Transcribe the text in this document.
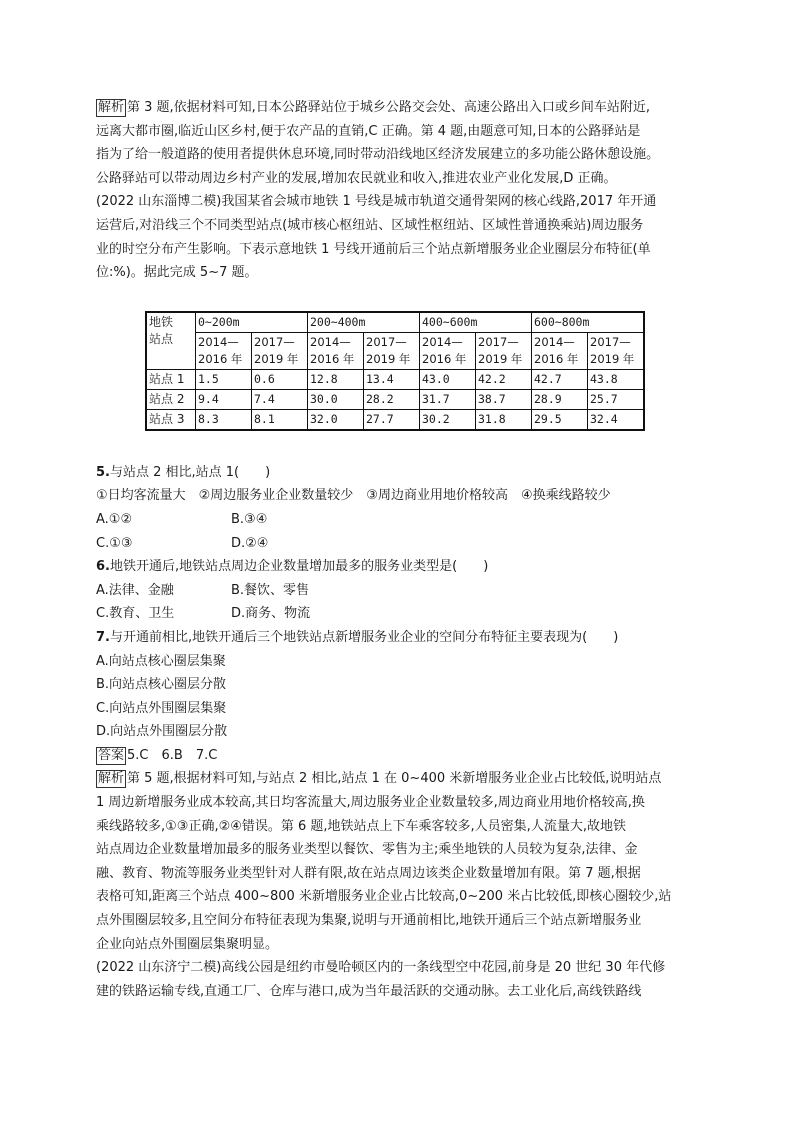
解析 第 3 题,依据材料可知,日本公路驿站位于城乡公路交会处、高速公路出入口或乡间车站附近,

远离大都市圈,临近山区乡村,便于农产品的直销,C 正确。第 4 题,由题意可知,日本的公路驿站是

指为了给一般道路的使用者提供休息环境,同时带动沿线地区经济发展建立的多功能公路休憩设施。

公路驿站可以带动周边乡村产业的发展,增加农民就业和收入,推进农业产业化发展,D 正确。

(2022 山东淄博二模)我国某省会城市地铁 1 号线是城市轨道交通骨架网的核心线路,2017 年开通

运营后,对沿线三个不同类型站点(城市核心枢纽站、区域性枢纽站、区域性普通换乘站)周边服务

业的时空分布产生影响。下表示意地铁 1 号线开通前后三个站点新增服务业企业圈层分布特征(单

位:%)。据此完成 5~7 题。

地铁
站点	0~200m		200~400m		400~600m		600~800m	
	2014—
2016 年	2017—
2019 年	2014—
2016 年	2017—
2019 年	2014—
2016 年	2017—
2019 年	2014—
2016 年	2017—
2019 年
站点 1	1.5	0.6	12.8	13.4	43.0	42.2	42.7	43.8
站点 2	9.4	7.4	30.0	28.2	31.7	38.7	28.9	25.7
站点 3	8.3	8.1	32.0	27.7	30.2	31.8	29.5	32.4

5.与站点 2 相比,站点 1(　　)

①日均客流量大　②周边服务业企业数量较少　③周边商业用地价格较高　④换乘线路较少

A.①②	B.③④
C.①③	D.②④

6.地铁开通后,地铁站点周边企业数量增加最多的服务业类型是(　　)

A.法律、金融	B.餐饮、零售
C.教育、卫生	D.商务、物流

7.与开通前相比,地铁开通后三个地铁站点新增服务业企业的空间分布特征主要表现为(　　)

A.向站点核心圈层集聚

B.向站点核心圈层分散

C.向站点外围圈层集聚

D.向站点外围圈层分散

答案 5.C　6.B　7.C

解析 第 5 题,根据材料可知,与站点 2 相比,站点 1 在 0~400 米新增服务业企业占比较低,说明站点

1 周边新增服务业成本较高,其日均客流量大,周边服务业企业数量较多,周边商业用地价格较高,换

乘线路较多,①③正确,②④错误。第 6 题,地铁站点上下车乘客较多,人员密集,人流量大,故地铁

站点周边企业数量增加最多的服务业类型以餐饮、零售为主;乘坐地铁的人员较为复杂,法律、金

融、教育、物流等服务业类型针对人群有限,故在站点周边该类企业数量增加有限。第 7 题,根据

表格可知,距离三个站点 400~800 米新增服务业企业占比较高,0~200 米占比较低,即核心圈较少,站

点外围圈层较多,且空间分布特征表现为集聚,说明与开通前相比,地铁开通后三个站点新增服务业

企业向站点外围圈层集聚明显。

(2022 山东济宁二模)高线公园是纽约市曼哈顿区内的一条线型空中花园,前身是 20 世纪 30 年代修

建的铁路运输专线,直通工厂、仓库与港口,成为当年最活跃的交通动脉。去工业化后,高线铁路线
